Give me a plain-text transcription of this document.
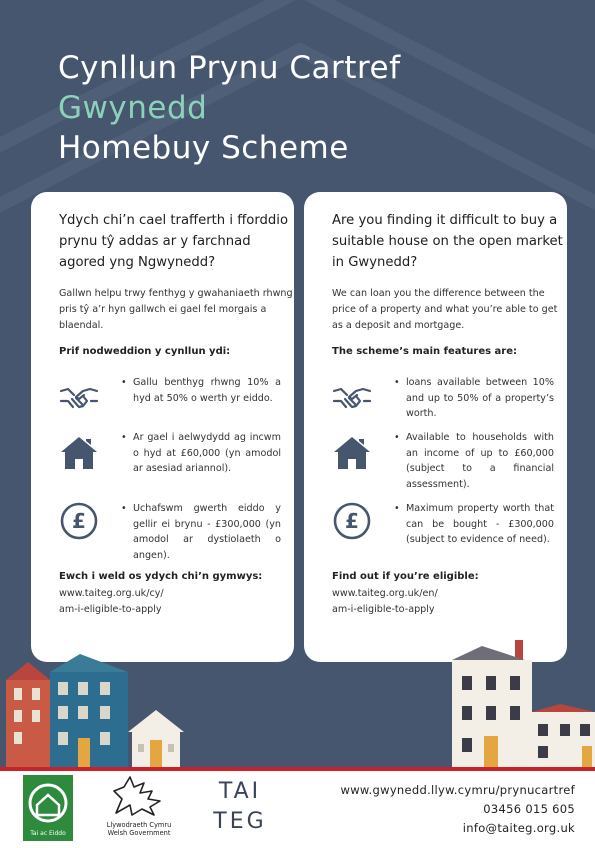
Cynllun Prynu Cartref
Gwynedd
Homebuy Scheme
Ydych chi’n cael trafferth i fforddio prynu tŷ addas ar y farchnad agored yng Ngwynedd?

Gallwn helpu trwy fenthyg y gwahaniaeth rhwng pris tŷ a’r hyn gallwch ei gael fel morgais a blaendal.

Prif nodweddion y cynllun ydi:
• Gallu benthyg rhwng 10% a hyd at 50% o werth yr eiddo.
• Ar gael i aelwydydd ag incwm o hyd at £60,000 (yn amodol ar asesiad ariannol).
£
• Uchafswm gwerth eiddo y gellir ei brynu - £300,000 (yn amodol ar dystiolaeth o angen).
Ewch i weld os ydych chi’n gymwys:
www.taiteg.org.uk/cy/
am-i-eligible-to-apply
Are you finding it difficult to buy a suitable house on the open market in Gwynedd?

We can loan you the difference between the price of a property and what you’re able to get as a deposit and mortgage.

The scheme’s main features are:
• loans available between 10% and up to 50% of a property’s worth.
• Available to households with an income of up to £60,000 (subject to a financial assessment).
£
• Maximum property worth that can be bought - £300,000 (subject to evidence of need).
Find out if you’re eligible:
www.taiteg.org.uk/en/
am-i-eligible-to-apply
Tai ac Eiddo
Llywodraeth Cymru
Welsh Government
TAI
TEG
www.gwynedd.llyw.cymru/prynucartref
03456 015 605
info@taiteg.org.uk
